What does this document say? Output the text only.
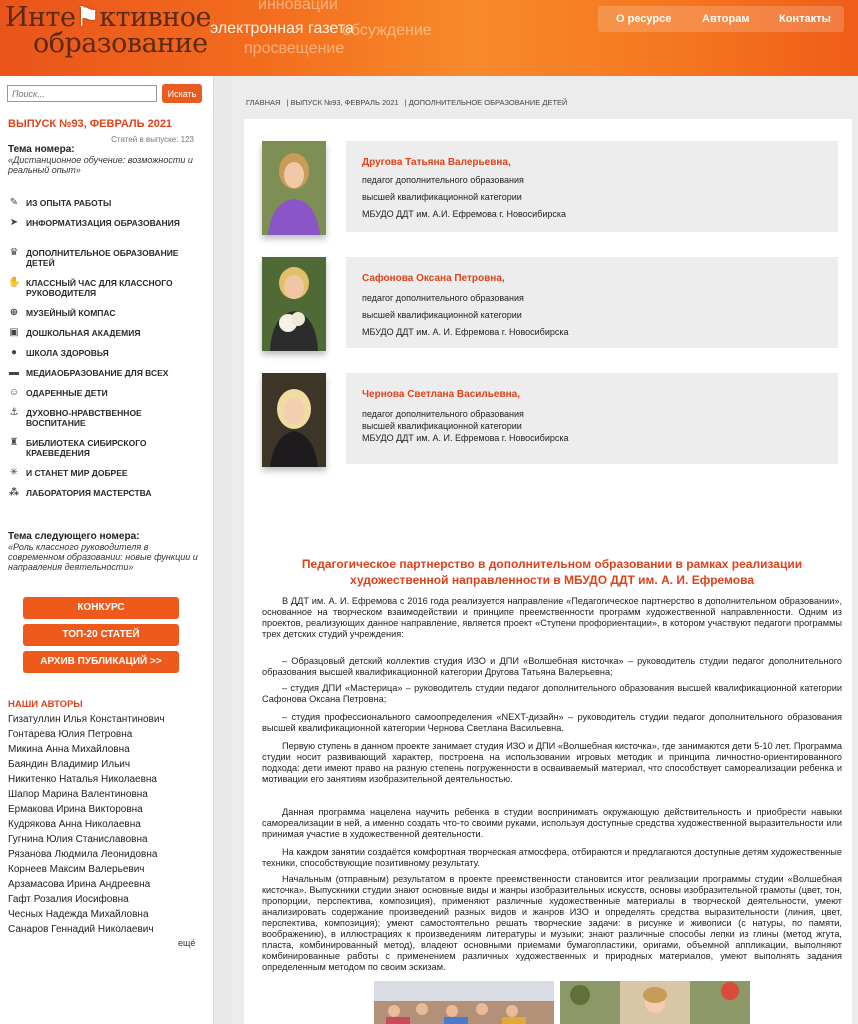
инновации
обсуждение
просвещение
Инте⚑ктивное
образование электронная газета
О ресурсе	Авторам	Контакты
Поиск...
Искать
ВЫПУСК №93, ФЕВРАЛЬ 2021
Статей в выпуске: 123
Тема номера:
«Дистанционное обучение: возможности и реальный опыт»
✎ ИЗ ОПЫТА РАБОТЫ
➤ ИНФОРМАТИЗАЦИЯ ОБРАЗОВАНИЯ
♛ ДОПОЛНИТЕЛЬНОЕ ОБРАЗОВАНИЕ ДЕТЕЙ
✋ КЛАССНЫЙ ЧАС ДЛЯ КЛАССНОГО РУКОВОДИТЕЛЯ
⊕ МУЗЕЙНЫЙ КОМПАС
▣ ДОШКОЛЬНАЯ АКАДЕМИЯ
●	ШКОЛА ЗДОРОВЬЯ
▬ МЕДИАОБРАЗОВАНИЕ ДЛЯ ВСЕХ
☺ ОДАРЕННЫЕ ДЕТИ
⚓ ДУХОВНО-НРАВСТВЕННОЕ ВОСПИТАНИЕ
♜ БИБЛИОТЕКА СИБИРСКОГО КРАЕВЕДЕНИЯ
✳ И СТАНЕТ МИР ДОБРЕЕ
⁂ ЛАБОРАТОРИЯ МАСТЕРСТВА
Тема следующего номера:
«Роль классного руководителя в современном образовании: новые функции и направления деятельности»
КОНКУРС
ТОП-20 СТАТЕЙ
АРХИВ ПУБЛИКАЦИЙ >>
НАШИ АВТОРЫ
Гизатуллин Илья Константинович
Гонтарева Юлия Петровна
Микина Анна Михайловна
Баяндин Владимир Ильич
Никитенко Наталья Николаевна
Шапор Марина Валентиновна
Ермакова Ирина Викторовна
Кудрякова Анна Николаевна
Гугнина Юлия Станиславовна
Рязанова Людмила Леонидовна
Корнеев Максим Валерьевич
Арзамасова Ирина Андреевна
Гафт Розалия Иосифовна
Чесных Надежда Михайловна
Санаров Геннадий Николаевич
ещё
ГЛАВНАЯ | ВЫПУСК №93, ФЕВРАЛЬ 2021 | ДОПОЛНИТЕЛЬНОЕ ОБРАЗОВАНИЕ ДЕТЕЙ
Другова Татьяна Валерьевна,
педагог дополнительного образования
высшей квалификационной категории
МБУДО ДДТ им. А.И. Ефремова г. Новосибирска
Сафонова Оксана Петровна,
педагог дополнительного образования
высшей квалификационной категории
МБУДО ДДТ им. А. И. Ефремова г. Новосибирска
Чернова Светлана Васильевна,
педагог дополнительного образования
высшей квалификационной категории
МБУДО ДДТ им. А. И. Ефремова г. Новосибирска
Педагогическое партнерство в дополнительном образовании в рамках реализации художественной направленности в МБУДО ДДТ им. А. И. Ефремова
В ДДТ им. А. И. Ефремова с 2016 года реализуется направление «Педагогическое партнерство в дополнительном образовании», основанное на творческом взаимодействии и принципе преемственности программ художественной направленности. Одним из проектов, реализующих данное направление, является проект «Ступени профориентации», в котором участвуют педагоги программы трех детских студий учреждения:
– Образцовый детский коллектив студия ИЗО и ДПИ «Волшебная кисточка» – руководитель студии педагог дополнительного образования высшей квалификационной категории Другова Татьяна Валерьевна;
– студия ДПИ «Мастерица» – руководитель студии педагог дополнительного образования высшей квалификационной категории Сафонова Оксана Петровна;
– студия профессионального самоопределения «NEXT-дизайн» – руководитель студии педагог дополнительного образования высшей квалификационной категории Чернова Светлана Васильевна.
Первую ступень в данном проекте занимает студия ИЗО и ДПИ «Волшебная кисточка», где занимаются дети 5-10 лет. Программа студии носит развивающий характер, построена на использовании игровых методик и принципа личностно-ориентированного подхода: дети имеют право на разную степень погруженности в осваиваемый материал, что способствует самореализации ребенка и мотивации его занятиям изобразительной деятельностью.
Данная программа нацелена научить ребенка в студии воспринимать окружающую действительность и приобрести навыки самореализации в ней, а именно создать что-то своими руками, используя доступные средства художественной выразительности или принимая участие в художественной деятельности.
На каждом занятии создаётся комфортная творческая атмосфера, отбираются и предлагаются доступные детям художественные техники, способствующие позитивному результату.
Начальным (отправным) результатом в проекте преемственности становится итог реализации программы студии «Волшебная кисточка». Выпускники студии знают основные виды и жанры изобразительных искусств, основы изобразительной грамоты (цвет, тон, пропорции, перспектива, композиция), применяют различные художественные материалы в творческой деятельности, умеют анализировать содержание произведений разных видов и жанров ИЗО и определять средства выразительности (линия, цвет, перспектива, композиция); умеют самостоятельно решать творческие задачи: в рисунке и живописи (с натуры, по памяти, воображению), в иллюстрациях к произведениям литературы и музыки; знают различные способы лепки из глины (метод жгута, пласта, комбинированный метод), владеют основными приемами бумагопластики, оригами, объемной аппликации, выполняют комбинированные работы с применением различных художественных и природных материалов, умеют выполнять задания определенным методом по своим эскизам.
